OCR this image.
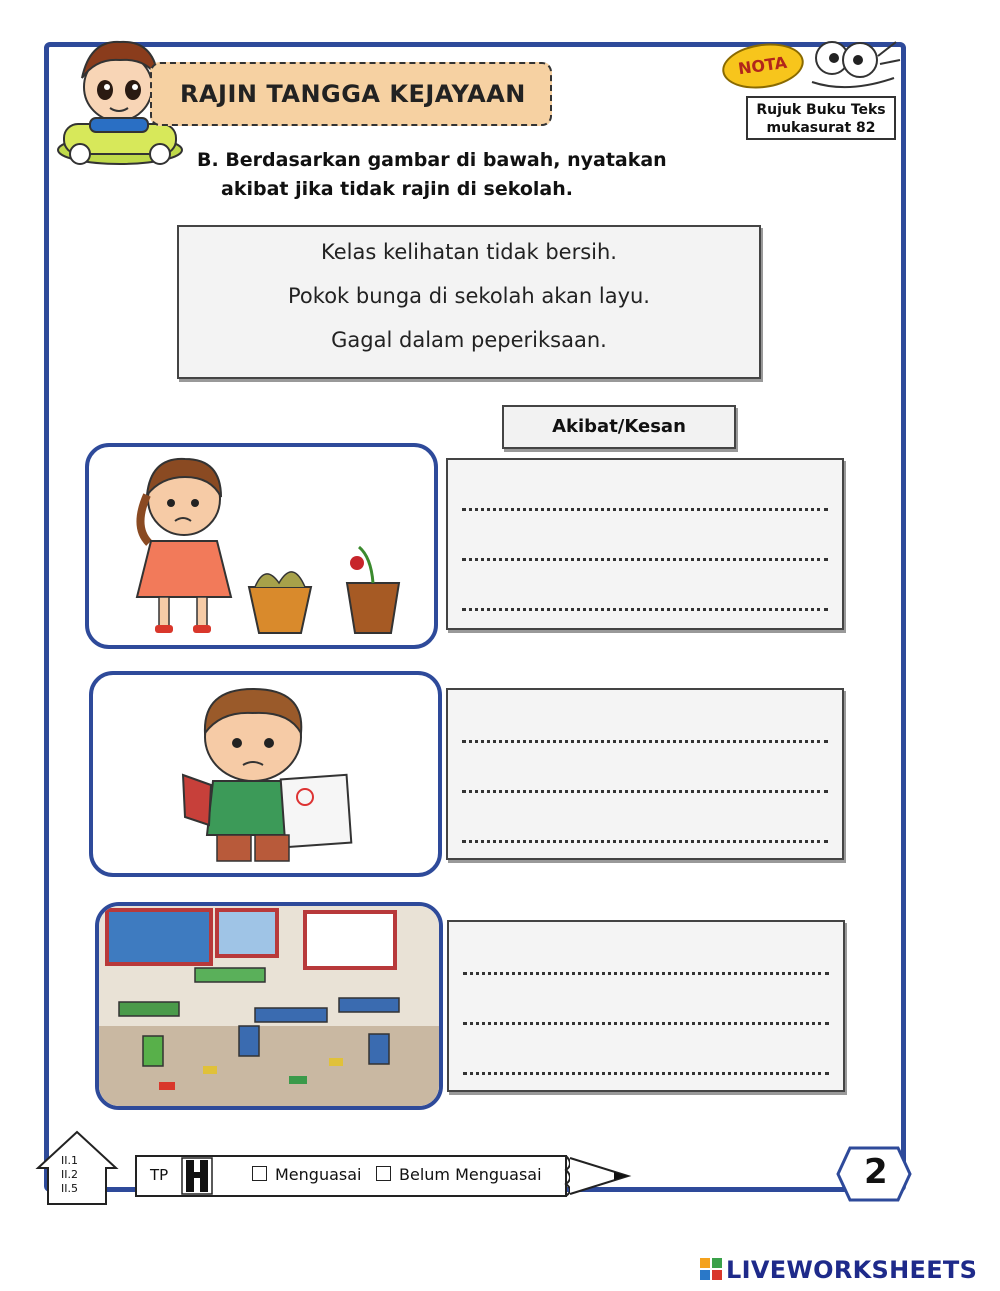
RAJIN TANGGA KEJAYAAN
NOTA
Rujuk Buku Teks
mukasurat 82
B. Berdasarkan gambar di bawah, nyatakan
akibat jika tidak rajin di sekolah.
Kelas kelihatan tidak bersih.
Pokok bunga di sekolah akan layu.
Gagal dalam peperiksaan.
Akibat/Kesan
II.1
II.2
II.5
TP	Menguasai	Belum Menguasai	2
LIVEWORKSHEETS
